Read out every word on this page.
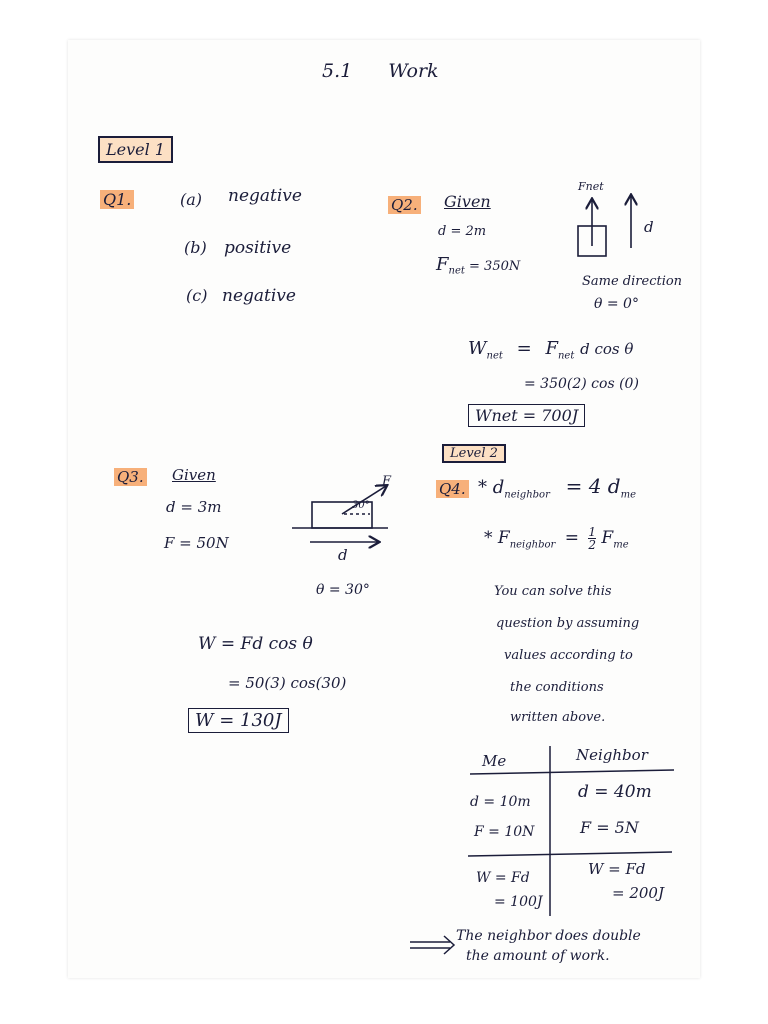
5.1 Work
Level 1
Q1.	(a) negative
(b) positive
(c) negative
Q2. Given
d = 2m
$F_{net} = 350N$
Fnet
d
Same direction
θ = 0°
$W_{net} = F_{net}$ d cos θ
= 350(2) cos (0)
Wnet = 700J
Level 2
Q3. Given
d = 3m
F = 50N
30°
F
d
θ = 30°
W = Fd cos θ
= 50(3) cos(30)
W = 130J
Q4. * $d_{neighbor} = 4$ $d_{me}$
* $F_{neighbor} = \frac{1}{2} F_{me}$
You can solve this
question by assuming
values according to
the conditions
written above.
Me	Neighbor
d = 10m
F = 10N
W = Fd
= 100J
d = 40m
F = 5N
W = Fd
= 200J
The neighbor does double
the amount of work.
